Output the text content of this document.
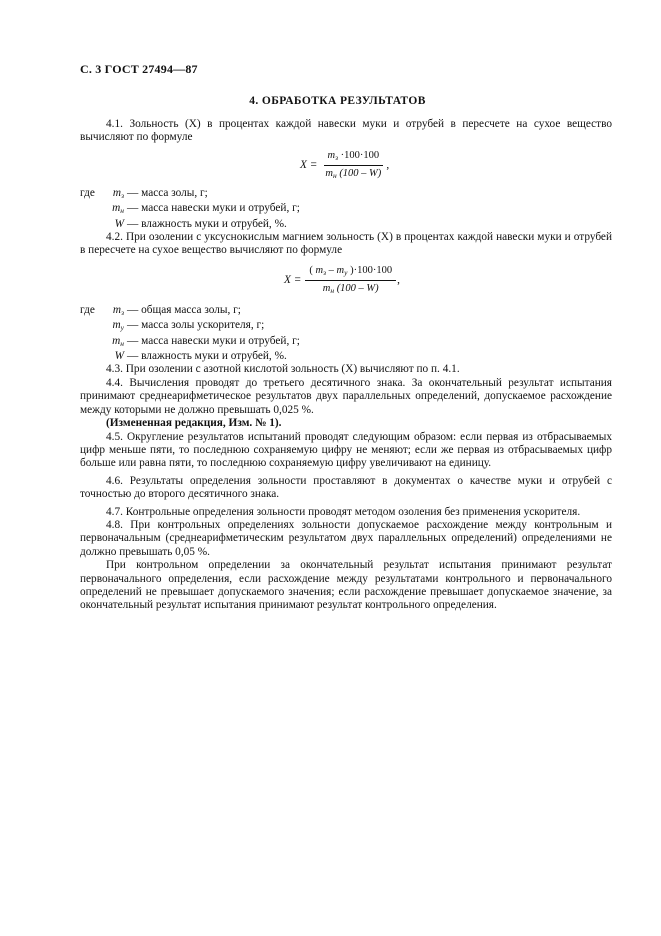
С. 3 ГОСТ 27494—87
4. ОБРАБОТКА РЕЗУЛЬТАТОВ

4.1. Зольность (X) в процентах каждой навески муки и отрубей в пересчете на сухое вещество вычисляют по формуле

$X = \frac{m_з \cdot 100\cdot 100}{m_н (100 - W)}$ ,
где	$m_з$ — масса золы, г;
$m_н$ — масса навески муки и отрубей, г;
W — влажность муки и отрубей, %.

4.2. При озолении с уксуснокислым магнием зольность (X) в процентах каждой навески муки и отрубей в пересчете на сухое вещество вычисляют по формуле

$X = \frac{( m_з - m_у )\cdot 100\cdot 100}{m_н (100 - W)}$ ,
где	$m_з$ — общая масса золы, г;
$m_у$ — масса золы ускорителя, г;
$m_н$ — масса навески муки и отрубей, г;
W — влажность муки и отрубей, %.

4.3. При озолении с азотной кислотой зольность (X) вычисляют по п. 4.1.

4.4. Вычисления проводят до третьего десятичного знака. За окончательный результат испытания принимают среднеарифметическое результатов двух параллельных определений, допускаемое расхождение между которыми не должно превышать 0,025 %.

(Измененная редакция, Изм. № 1).

4.5. Округление результатов испытаний проводят следующим образом: если первая из отбрасываемых цифр меньше пяти, то последнюю сохраняемую цифру не меняют; если же первая из отбрасываемых цифр больше или равна пяти, то последнюю сохраняемую цифру увеличивают на единицу.

4.6. Результаты определения зольности проставляют в документах о качестве муки и отрубей с точностью до второго десятичного знака.

4.7. Контрольные определения зольности проводят методом озоления без применения ускорителя.

4.8. При контрольных определениях зольности допускаемое расхождение между контрольным и первоначальным (среднеарифметическим результатом двух параллельных определений) определениями не должно превышать 0,05 %.

При контрольном определении за окончательный результат испытания принимают результат первоначального определения, если расхождение между результатами контрольного и первоначального определений не превышает допускаемого значения; если расхождение превышает допускаемое значение, за окончательный результат испытания принимают результат контрольного определения.
